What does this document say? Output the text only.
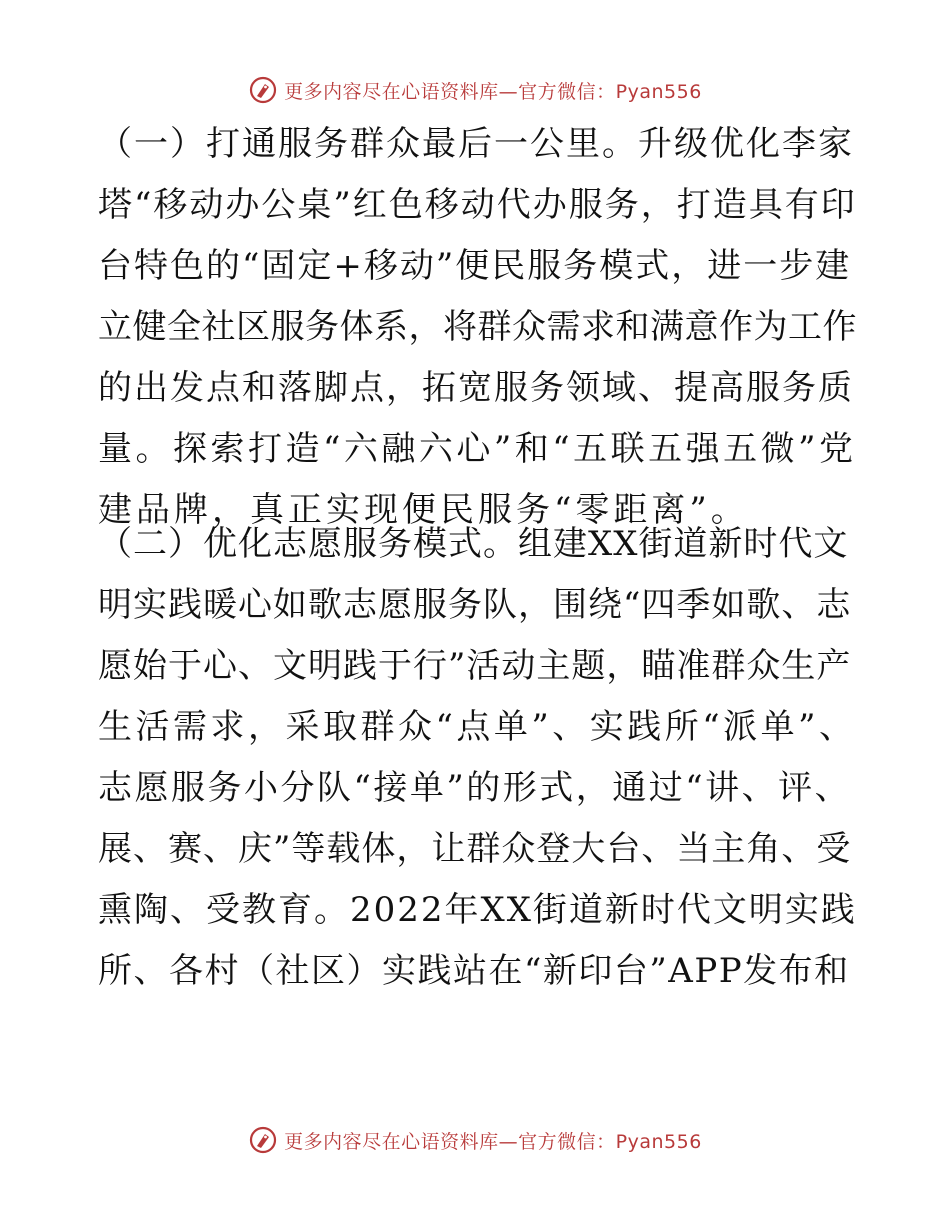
更多内容尽在心语资料库—官方微信：Pyan556
（一）打通服务群众最后一公里。升级优化李家
塔“移动办公桌”红色移动代办服务，打造具有印
台特色的“固定+移动”便民服务模式，进一步建
立健全社区服务体系，将群众需求和满意作为工作
的出发点和落脚点，拓宽服务领域、提高服务质
量。探索打造“六融六心”和“五联五强五微”党
建品牌，真正实现便民服务“零距离”。
（二）优化志愿服务模式。组建XX街道新时代文
明实践暖心如歌志愿服务队，围绕“四季如歌、志
愿始于心、文明践于行”活动主题，瞄准群众生产
生活需求，采取群众“点单”、实践所“派单”、
志愿服务小分队“接单”的形式，通过“讲、评、
展、赛、庆”等载体，让群众登大台、当主角、受
熏陶、受教育。2022年XX街道新时代文明实践
所、各村（社区）实践站在“新印台”APP发布和
更多内容尽在心语资料库—官方微信：Pyan556
